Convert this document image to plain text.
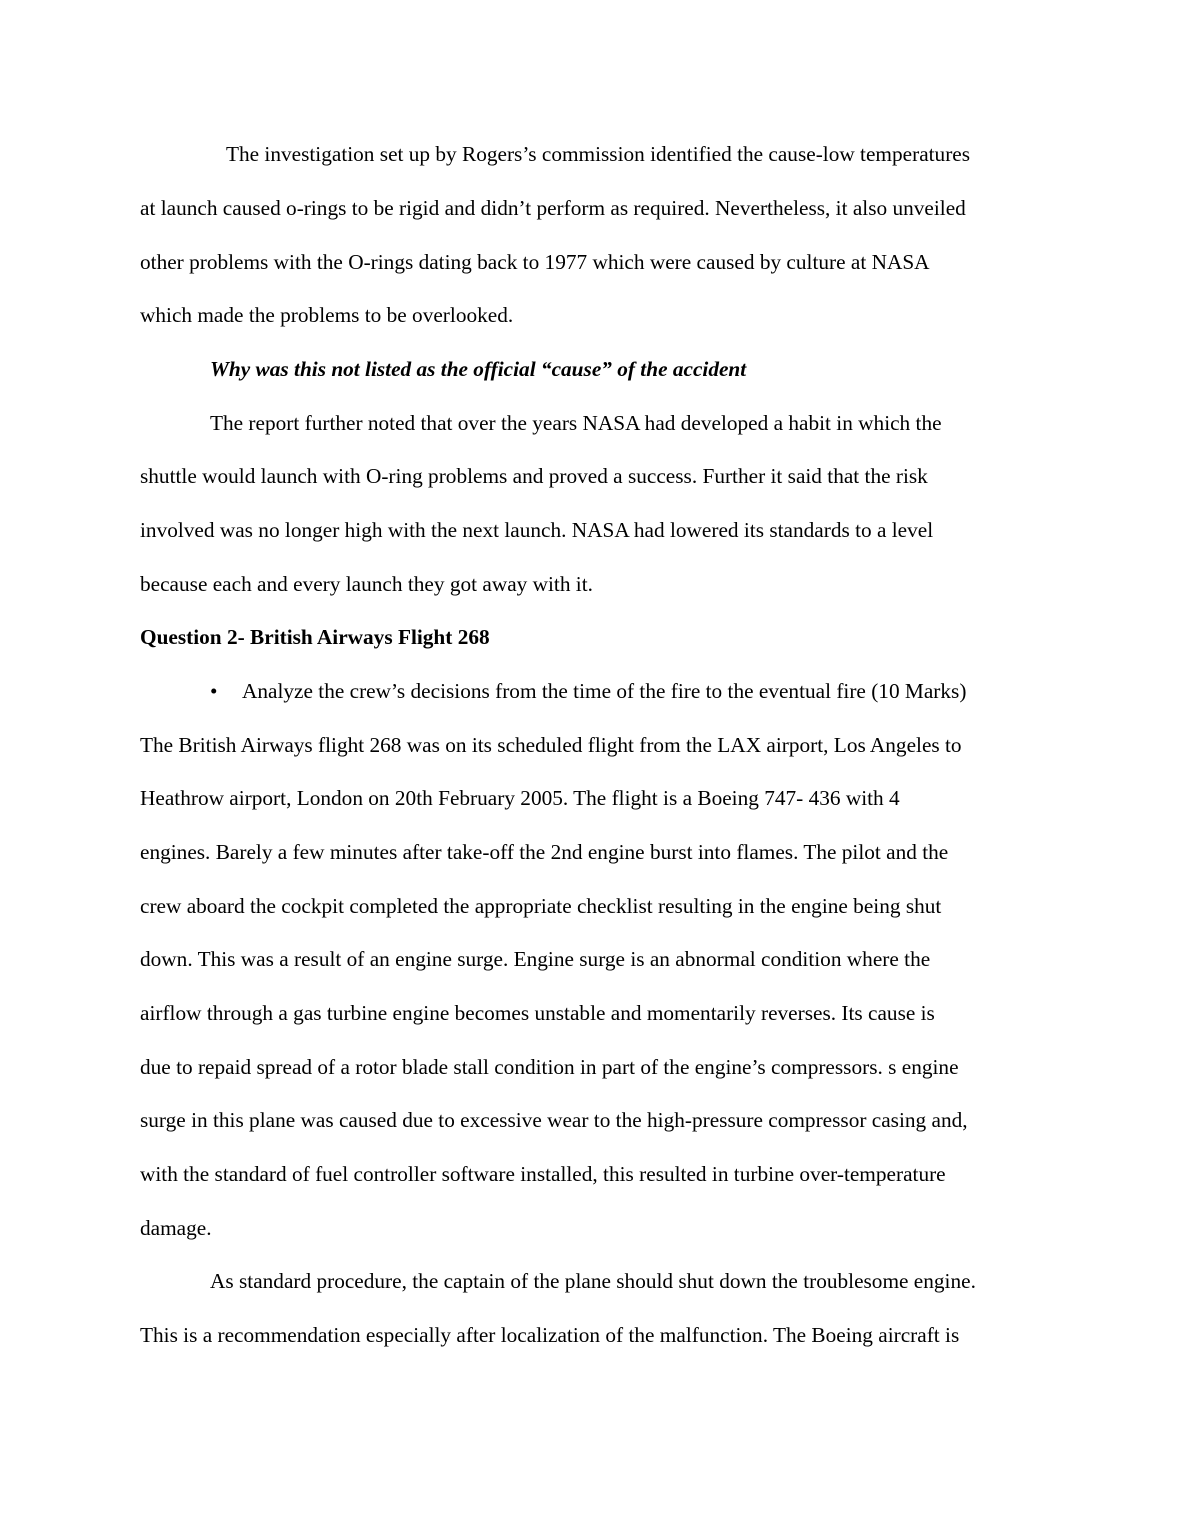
The investigation set up by Rogers’s commission identified the cause-low temperatures
at launch caused o-rings to be rigid and didn’t perform as required. Nevertheless, it also unveiled
other problems with the O-rings dating back to 1977 which were caused by culture at NASA
which made the problems to be overlooked.
Why was this not listed as the official “cause” of the accident
The report further noted that over the years NASA had developed a habit in which the
shuttle would launch with O-ring problems and proved a success. Further it said that the risk
involved was no longer high with the next launch. NASA had lowered its standards to a level
because each and every launch they got away with it.
Question 2- British Airways Flight 268
• Analyze the crew’s decisions from the time of the fire to the eventual fire (10 Marks)
The British Airways flight 268 was on its scheduled flight from the LAX airport, Los Angeles to
Heathrow airport, London on 20th February 2005. The flight is a Boeing 747- 436 with 4
engines. Barely a few minutes after take-off the 2nd engine burst into flames. The pilot and the
crew aboard the cockpit completed the appropriate checklist resulting in the engine being shut
down. This was a result of an engine surge. Engine surge is an abnormal condition where the
airflow through a gas turbine engine becomes unstable and momentarily reverses. Its cause is
due to repaid spread of a rotor blade stall condition in part of the engine’s compressors. s engine
surge in this plane was caused due to excessive wear to the high-pressure compressor casing and,
with the standard of fuel controller software installed, this resulted in turbine over-temperature
damage.
As standard procedure, the captain of the plane should shut down the troublesome engine.
This is a recommendation especially after localization of the malfunction. The Boeing aircraft is
